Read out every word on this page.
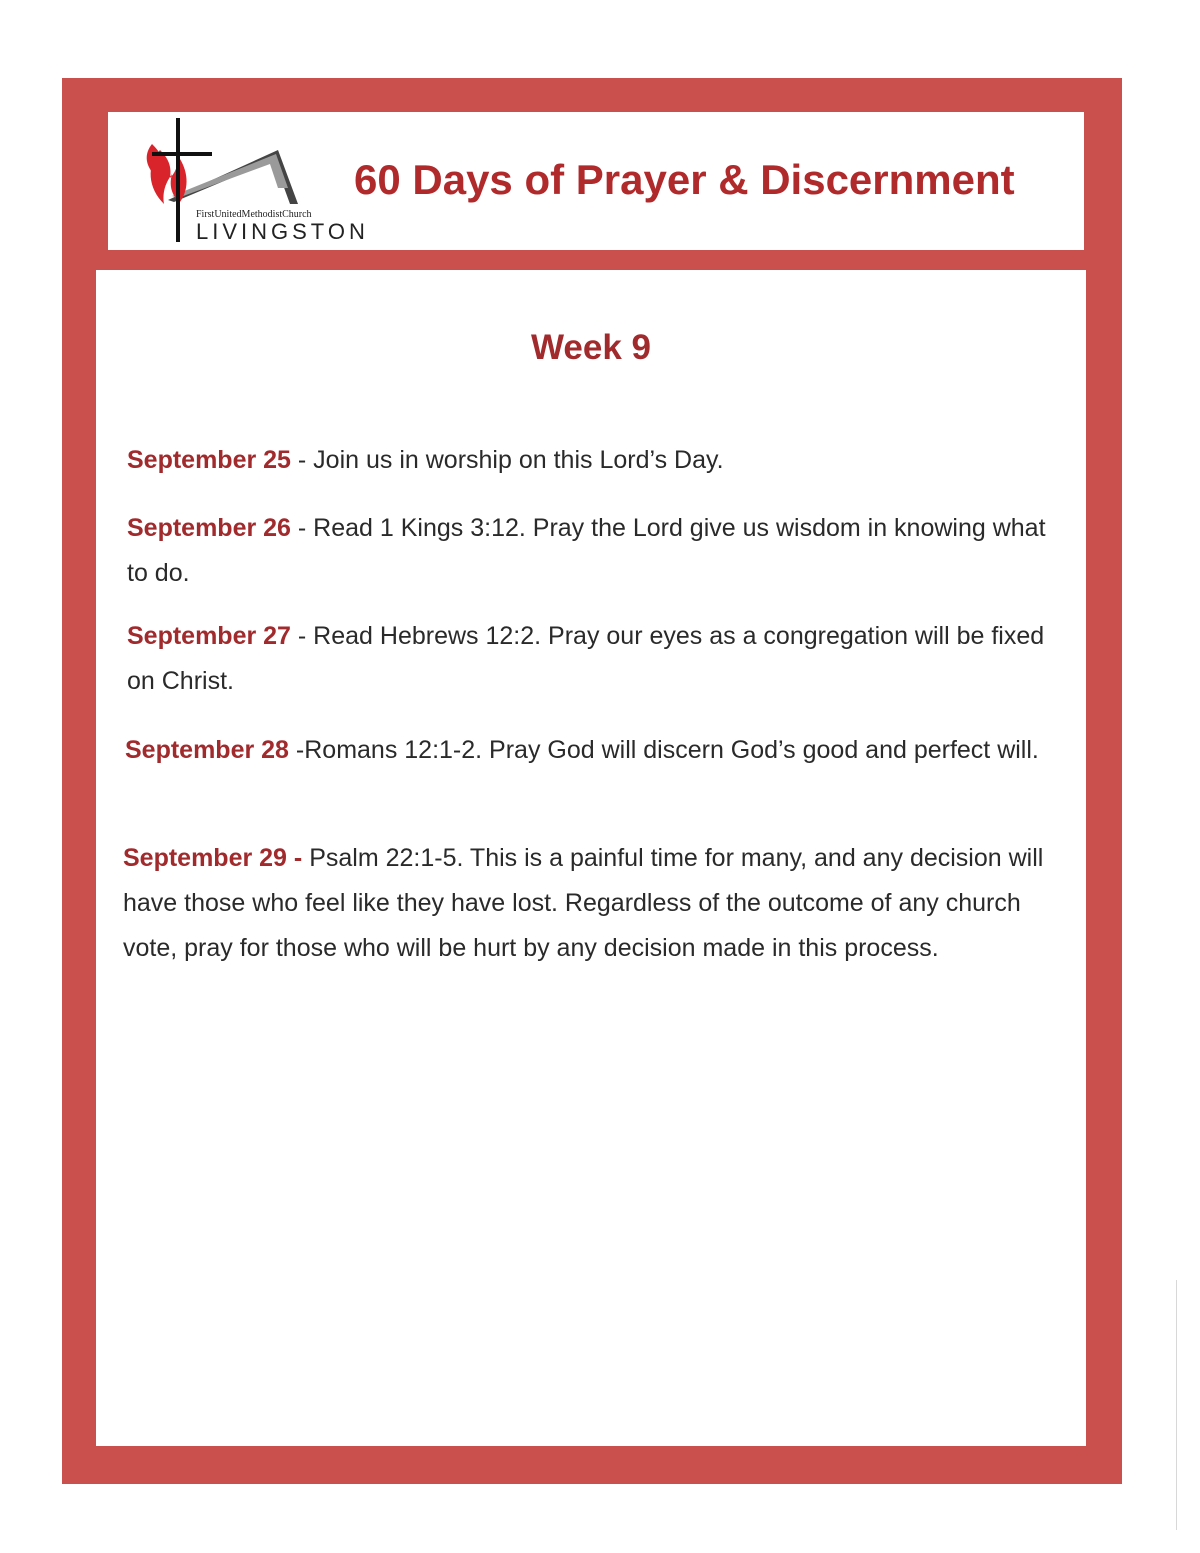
FirstUnitedMethodistChurch
LIVINGSTON
60 Days of Prayer & Discernment
Week 9

September 25 - Join us in worship on this Lord’s Day.

September 26 - Read 1 Kings 3:12. Pray the Lord give us wisdom in knowing what to do.

September 27 - Read Hebrews 12:2. Pray our eyes as a congregation will be fixed on Christ.

September 28 -Romans 12:1-2. Pray God will discern God’s good and perfect will.

September 29 - Psalm 22:1-5. This is a painful time for many, and any decision will have those who feel like they have lost. Regardless of the outcome of any church vote, pray for those who will be hurt by any decision made in this process.
